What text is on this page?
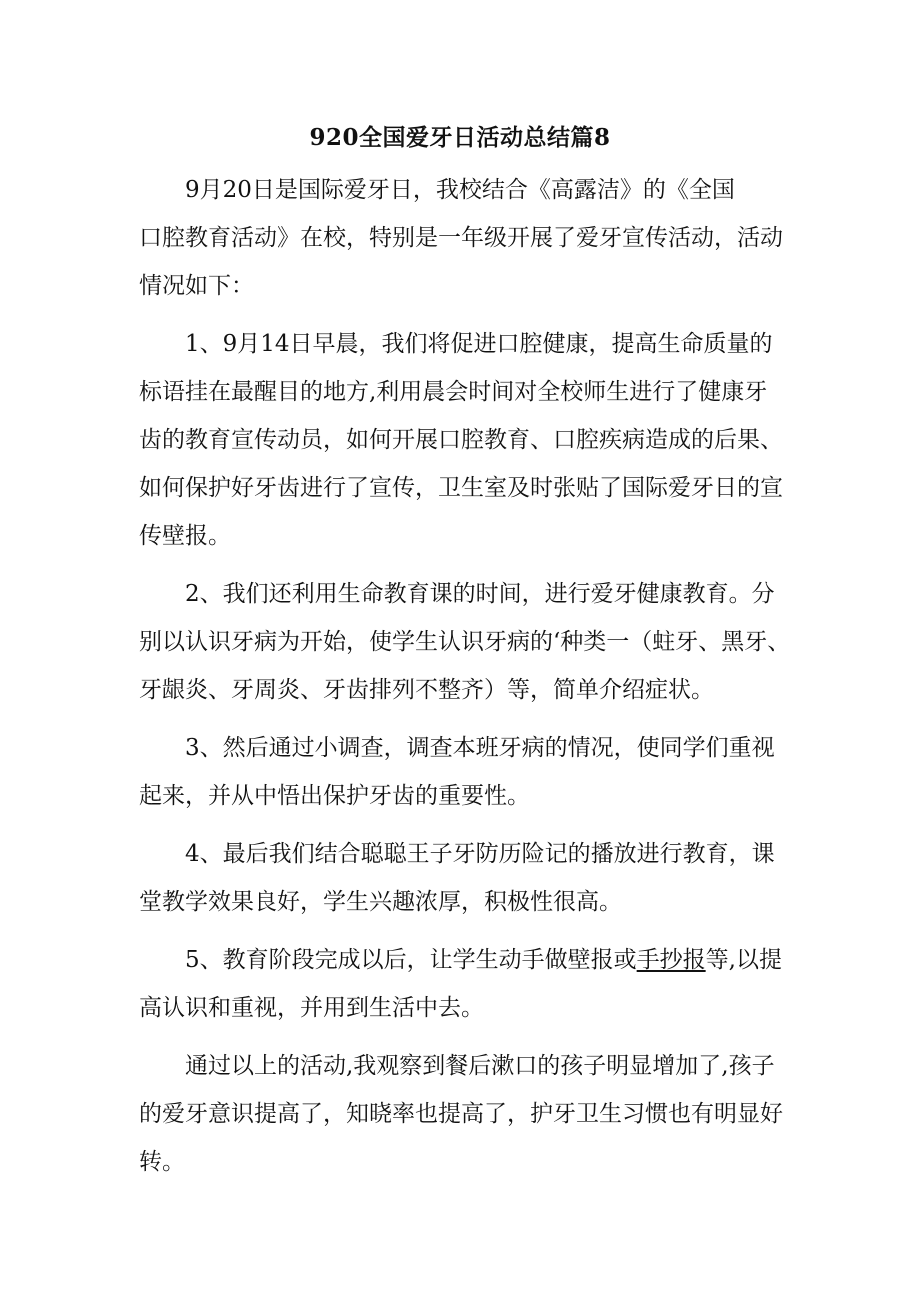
920全国爱牙日活动总结篇8
9月20日是国际爱牙日，我校结合《高露洁》的《全国
口腔教育活动》在校，特别是一年级开展了爱牙宣传活动，活动
情况如下：
1、9月14日早晨，我们将促进口腔健康，提高生命质量的
标语挂在最醒目的地方,利用晨会时间对全校师生进行了健康牙
齿的教育宣传动员，如何开展口腔教育、口腔疾病造成的后果、
如何保护好牙齿进行了宣传，卫生室及时张贴了国际爱牙日的宣
传壁报。
2、我们还利用生命教育课的时间，进行爱牙健康教育。分
别以认识牙病为开始，使学生认识牙病的‘种类一（蛀牙、黑牙、
牙龈炎、牙周炎、牙齿排列不整齐）等，简单介绍症状。
3、然后通过小调查，调查本班牙病的情况，使同学们重视
起来，并从中悟出保护牙齿的重要性。
4、最后我们结合聪聪王子牙防历险记的播放进行教育，课
堂教学效果良好，学生兴趣浓厚，积极性很高。
5、教育阶段完成以后，让学生动手做壁报或手抄报等,以提
高认识和重视，并用到生活中去。
通过以上的活动,我观察到餐后漱口的孩子明显增加了,孩子
的爱牙意识提高了，知晓率也提高了，护牙卫生习惯也有明显好
转。
